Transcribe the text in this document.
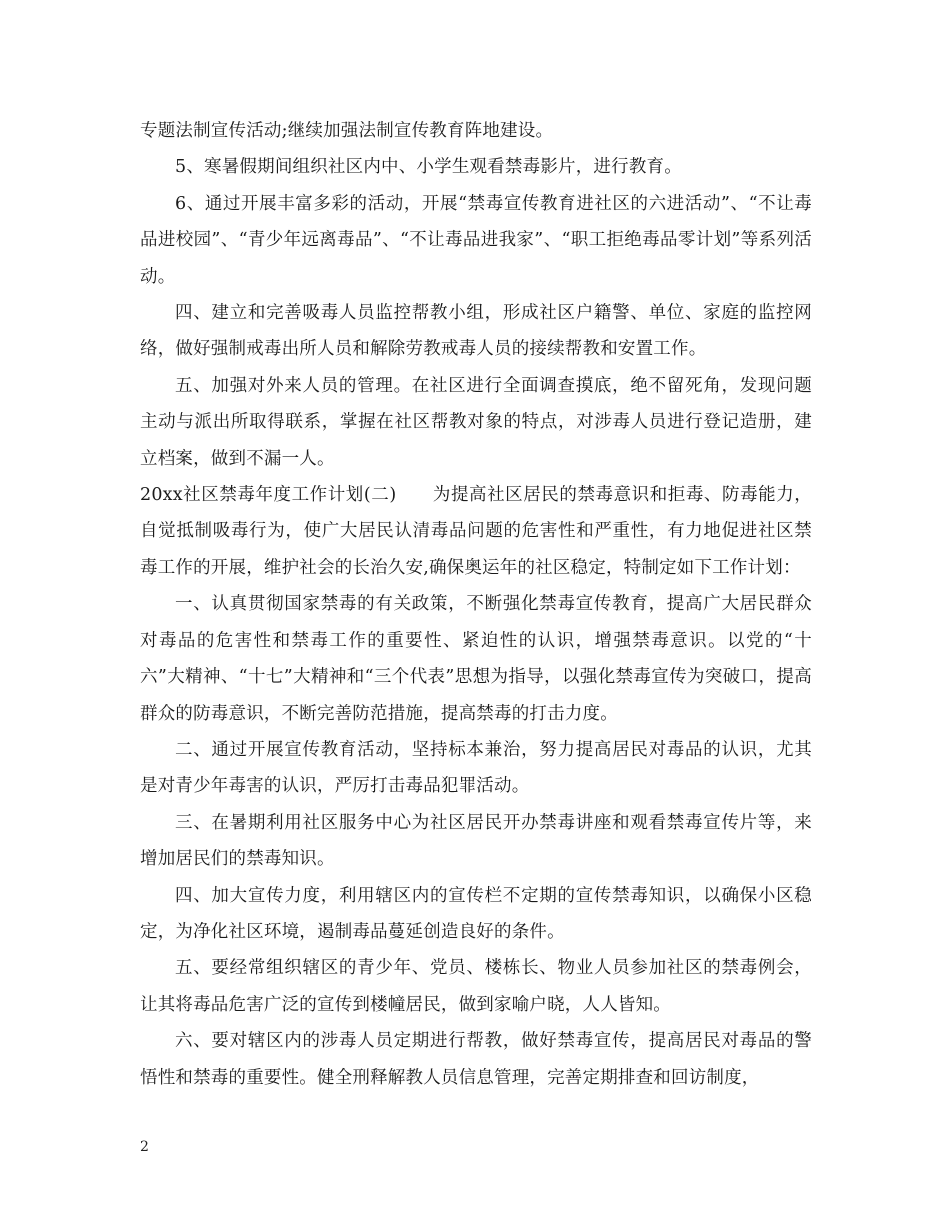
专题法制宣传活动;继续加强法制宣传教育阵地建设。

5、寒暑假期间组织社区内中、小学生观看禁毒影片，进行教育。

6、通过开展丰富多彩的活动，开展“禁毒宣传教育进社区的六进活动”、“不让毒品进校园”、“青少年远离毒品”、“不让毒品进我家”、“职工拒绝毒品零计划”等系列活动。

四、建立和完善吸毒人员监控帮教小组，形成社区户籍警、单位、家庭的监控网络，做好强制戒毒出所人员和解除劳教戒毒人员的接续帮教和安置工作。

五、加强对外来人员的管理。在社区进行全面调查摸底，绝不留死角，发现问题 主动与派出所取得联系，掌握在社区帮教对象的特点，对涉毒人员进行登记造册，建立档案，做到不漏一人。

20xx社区禁毒年度工作计划(二)　　为提高社区居民的禁毒意识和拒毒、防毒能力，自觉抵制吸毒行为，使广大居民认清毒品问题的危害性和严重性，有力地促进社区禁毒工作的开展，维护社会的长治久安,确保奥运年的社区稳定，特制定如下工作计划：

一、认真贯彻国家禁毒的有关政策，不断强化禁毒宣传教育，提高广大居民群众对毒品的危害性和禁毒工作的重要性、紧迫性的认识，增强禁毒意识。以党的“十六”大精神、“十七”大精神和“三个代表”思想为指导，以强化禁毒宣传为突破口，提高群众的防毒意识，不断完善防范措施，提高禁毒的打击力度。

二、通过开展宣传教育活动，坚持标本兼治，努力提高居民对毒品的认识，尤其是对青少年毒害的认识，严厉打击毒品犯罪活动。

三、在暑期利用社区服务中心为社区居民开办禁毒讲座和观看禁毒宣传片等，来增加居民们的禁毒知识。

四、加大宣传力度，利用辖区内的宣传栏不定期的宣传禁毒知识，以确保小区稳定，为净化社区环境，遏制毒品蔓延创造良好的条件。

五、要经常组织辖区的青少年、党员、楼栋长、物业人员参加社区的禁毒例会，让其将毒品危害广泛的宣传到楼幢居民，做到家喻户晓，人人皆知。

六、要对辖区内的涉毒人员定期进行帮教，做好禁毒宣传，提高居民对毒品的警悟性和禁毒的重要性。健全刑释解教人员信息管理，完善定期排查和回访制度，

2
